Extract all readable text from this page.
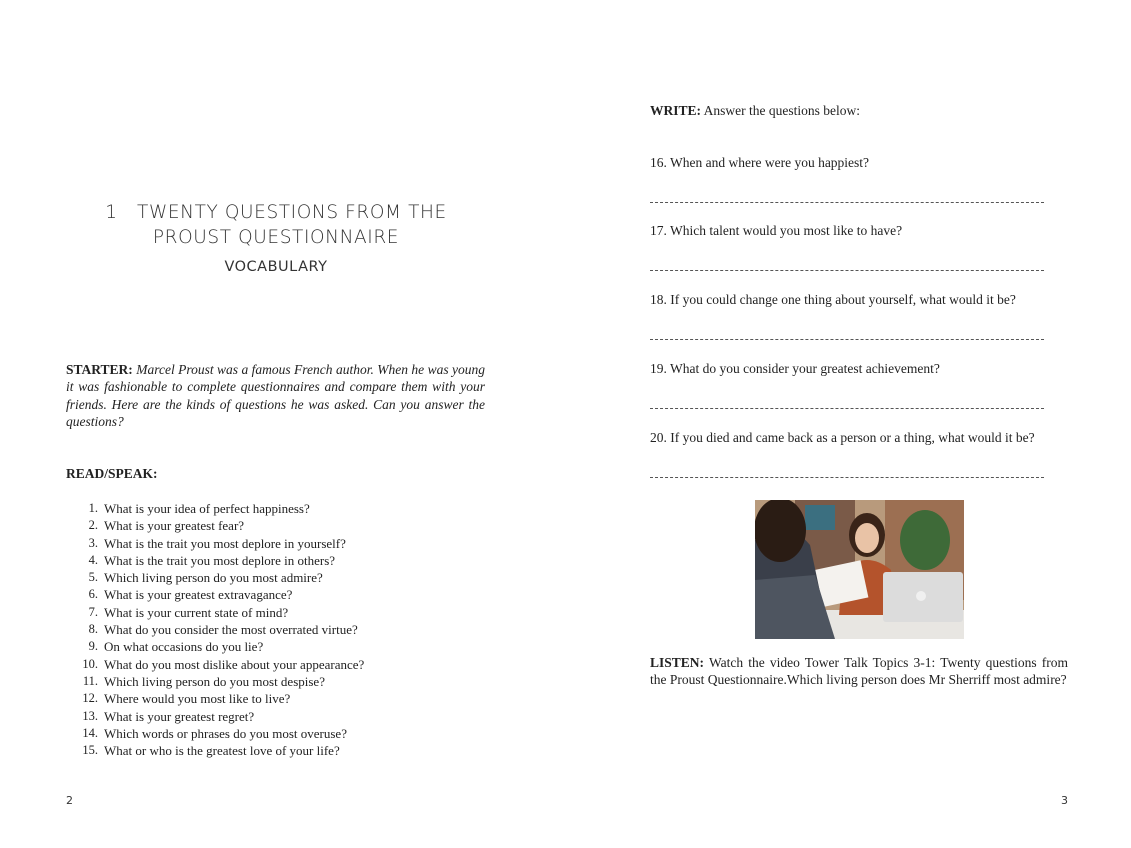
1 TWENTY QUESTIONS FROM THE
PROUST QUESTIONNAIRE
VOCABULARY
STARTER: Marcel Proust was a famous French author. When he was young it was fashionable to complete questionnaires and compare them with your friends. Here are the kinds of questions he was asked. Can you answer the questions?
READ/SPEAK:
1. What is your idea of perfect happiness?
2. What is your greatest fear?
3. What is the trait you most deplore in yourself?
4. What is the trait you most deplore in others?
5. Which living person do you most admire?
6. What is your greatest extravagance?
7. What is your current state of mind?
8. What do you consider the most overrated virtue?
9. On what occasions do you lie?
10. What do you most dislike about your appearance?
11. Which living person do you most despise?
12. Where would you most like to live?
13. What is your greatest regret?
14. Which words or phrases do you most overuse?
15. What or who is the greatest love of your life?
2
WRITE: Answer the questions below:
16. When and where were you happiest?
17. Which talent would you most like to have?
18. If you could change one thing about yourself, what would it be?
19. What do you consider your greatest achievement?
20. If you died and came back as a person or a thing, what would it be?
LISTEN: Watch the video Tower Talk Topics 3-1: Twenty questions from the Proust Questionnaire.Which living person does Mr Sherriff most admire?
3
